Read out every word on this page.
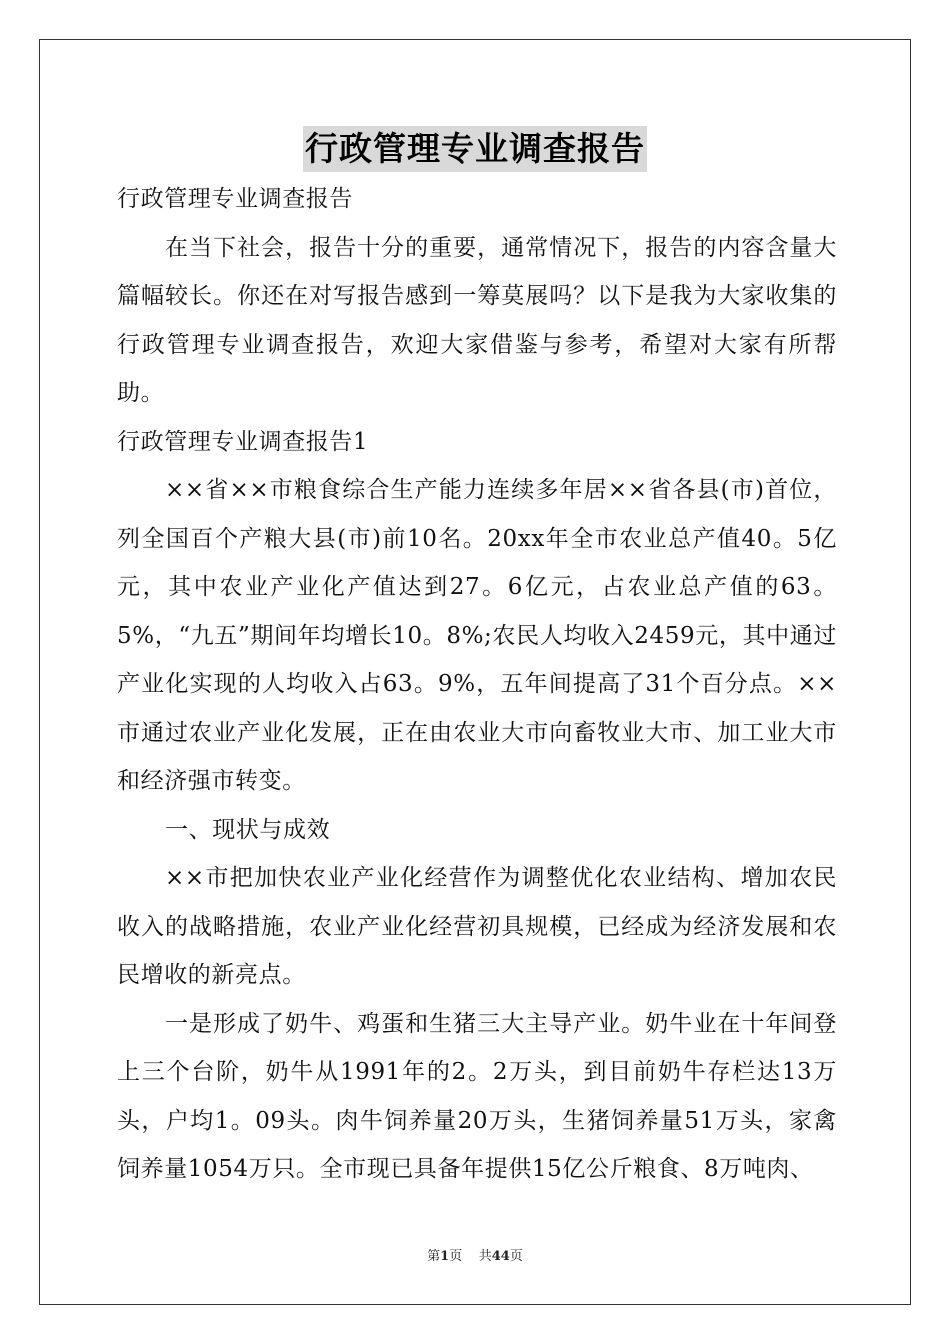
行政管理专业调查报告

行政管理专业调查报告

在当下社会，报告十分的重要，通常情况下，报告的内容含量大篇幅较长。你还在对写报告感到一筹莫展吗？以下是我为大家收集的行政管理专业调查报告，欢迎大家借鉴与参考，希望对大家有所帮助。

行政管理专业调查报告1

××省××市粮食综合生产能力连续多年居××省各县(市)首位，列全国百个产粮大县(市)前10名。20xx年全市农业总产值40。5亿元，其中农业产业化产值达到27。6亿元，占农业总产值的63。5%，“九五”期间年均增长10。8%;农民人均收入2459元，其中通过产业化实现的人均收入占63。9%，五年间提高了31个百分点。××市通过农业产业化发展，正在由农业大市向畜牧业大市、加工业大市和经济强市转变。

一、现状与成效

××市把加快农业产业化经营作为调整优化农业结构、增加农民收入的战略措施，农业产业化经营初具规模，已经成为经济发展和农民增收的新亮点。

一是形成了奶牛、鸡蛋和生猪三大主导产业。奶牛业在十年间登上三个台阶，奶牛从1991年的2。2万头，到目前奶牛存栏达13万头，户均1。09头。肉牛饲养量20万头，生猪饲养量51万头，家禽饲养量1054万只。全市现已具备年提供15亿公斤粮食、8万吨肉、

第1页 共44页
